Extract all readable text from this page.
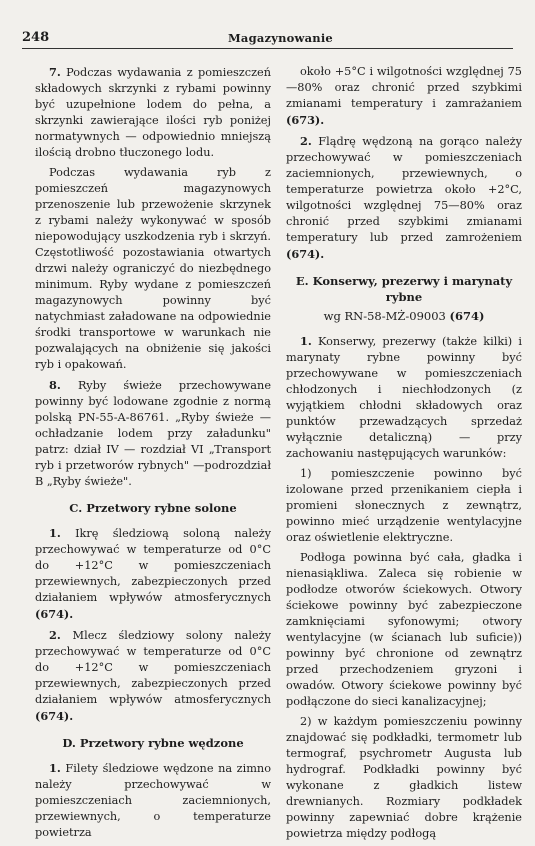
248	Magazynowanie

7. Podczas wydawania z pomieszczeń składowych skrzynki z rybami powinny być uzupełnione lodem do pełna, a skrzynki zawierające ilości ryb poniżej normatywnych — odpowiednio mniejszą ilością drobno tłuczonego lodu.

Podczas wydawania ryb z pomieszczeń magazynowych przenoszenie lub przewożenie skrzynek z rybami należy wykonywać w sposób niepowodujący uszkodzenia ryb i skrzyń. Częstotliwość pozostawiania otwartych drzwi należy ograniczyć do niezbędnego minimum. Ryby wydane z pomieszczeń magazynowych powinny być natychmiast załadowane na odpowiednie środki transportowe w warunkach nie pozwalających na obniżenie się jakości ryb i opakowań.

8. Ryby świeże przechowywane powinny być lodowane zgodnie z normą polską PN-55-A-86761. „Ryby świeże — ochładzanie lodem przy załadunku" patrz: dział IV — rozdział VI „Transport ryb i przetworów rybnych" —podrozdział B „Ryby świeże".

C. Przetwory rybne solone

1. Ikrę śledziową soloną należy przechowywać w temperaturze od 0°C do +12°C w pomieszczeniach przewiewnych, zabezpieczonych przed działaniem wpływów atmosferycznych (674).

2. Mlecz śledziowy solony należy przechowywać w temperaturze od 0°C do +12°C w pomieszczeniach przewiewnych, zabezpieczonych przed działaniem wpływów atmosferycznych (674).

D. Przetwory rybne wędzone

1. Filety śledziowe wędzone na zimno należy przechowywać w pomieszczeniach zaciemnionych, przewiewnych, o temperaturze powietrza

około +5°C i wilgotności względnej 75—80% oraz chronić przed szybkimi zmianami temperatury i zamrażaniem (673).

2. Flądrę wędzoną na gorąco należy przechowywać w pomieszczeniach zaciemnionych, przewiewnych, o temperaturze powietrza około +2°C, wilgotności względnej 75—80% oraz chronić przed szybkimi zmianami temperatury lub przed zamrożeniem (674).

E. Konserwy, prezerwy i marynaty rybne
wg RN-58-MŻ-09003 (674)

1. Konserwy, prezerwy (także kilki) i marynaty rybne powinny być przechowywane w pomieszczeniach chłodzonych i niechłodzonych (z wyjątkiem chłodni składowych oraz punktów przewadzących sprzedaż wyłącznie detaliczną) — przy zachowaniu następujących warunków:

1) pomieszczenie powinno być izolowane przed przenikaniem ciepła i promieni słonecznych z zewnątrz, powinno mieć urządzenie wentylacyjne oraz oświetlenie elektryczne.

Podłoga powinna być cała, gładka i nienasiąkliwa. Zaleca się robienie w podłodze otworów ściekowych. Otwory ściekowe powinny być zabezpieczone zamknięciami syfonowymi; otwory wentylacyjne (w ścianach lub suficie)) powinny być chronione od zewnątrz przed przechodzeniem gryzoni i owadów. Otwory ściekowe powinny być podłączone do sieci kanalizacyjnej;

2) w każdym pomieszczeniu powinny znajdować się podkładki, termometr lub termograf, psychrometr Augusta lub hydrograf. Podkładki powinny być wykonane z gładkich listew drewnianych. Rozmiary podkładek powinny zapewniać dobre krążenie powietrza między podłogą
